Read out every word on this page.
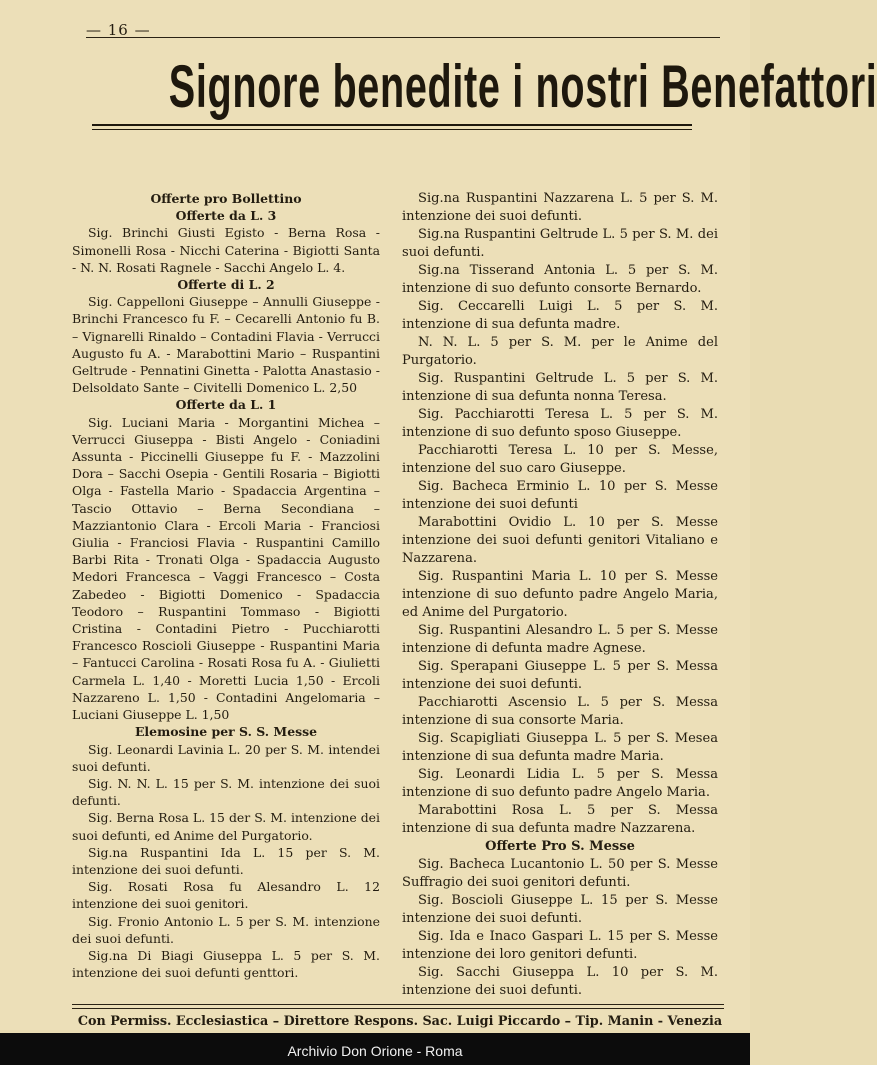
— 16 —
Signore benedite i nostri Benefattori

Offerte pro Bollettino

Offerte da L. 3

Sig. Brinchi Giusti Egisto - Berna Rosa - Simonelli Rosa - Nicchi Caterina - Bigiotti Santa - N. N. Rosati Ragnele - Sacchi Angelo L. 4.

Offerte di L. 2

Sig. Cappelloni Giuseppe – Annulli Giuseppe - Brinchi Francesco fu F. – Cecarelli Antonio fu B. – Vignarelli Rinaldo – Contadini Flavia - Verrucci Augusto fu A. - Marabottini Mario – Ruspantini Geltrude - Pennatini Ginetta - Palotta Anastasio - Delsoldato Sante – Civitelli Domenico L. 2,50

Offerte da L. 1

Sig. Luciani Maria - Morgantini Michea – Verrucci Giuseppa - Bisti Angelo - Coniadini Assunta - Piccinelli Giuseppe fu F. - Mazzolini Dora – Sacchi Osepia - Gentili Rosaria – Bigiotti Olga - Fastella Mario - Spadaccia Argentina – Tascio Ottavio – Berna Secondiana – Mazziantonio Clara - Ercoli Maria - Franciosi Giulia - Franciosi Flavia - Ruspantini Camillo Barbi Rita - Tronati Olga - Spadaccia Augusto Medori Francesca – Vaggi Francesco – Costa Zabedeo - Bigiotti Domenico - Spadaccia Teodoro – Ruspantini Tommaso - Bigiotti Cristina - Contadini Pietro - Pucchiarotti Francesco Roscioli Giuseppe - Ruspantini Maria – Fantucci Carolina - Rosati Rosa fu A. - Giulietti Carmela L. 1,40 - Moretti Lucia 1,50 - Ercoli Nazzareno L. 1,50 - Contadini Angelomaria – Luciani Giuseppe L. 1,50

Elemosine per S. S. Messe

Sig. Leonardi Lavinia L. 20 per S. M. intendei suoi defunti.

Sig. N. N. L. 15 per S. M. intenzione dei suoi defunti.

Sig. Berna Rosa L. 15 der S. M. intenzione dei suoi defunti, ed Anime del Purgatorio.

Sig.na Ruspantini Ida L. 15 per S. M. intenzione dei suoi defunti.

Sig. Rosati Rosa fu Alesandro L. 12 intenzione dei suoi genitori.

Sig. Fronio Antonio L. 5 per S. M. intenzione dei suoi defunti.

Sig.na Di Biagi Giuseppa L. 5 per S. M. intenzione dei suoi defunti genttori.

Sig.na Ruspantini Nazzarena L. 5 per S. M. intenzione dei suoi defunti.

Sig.na Ruspantini Geltrude L. 5 per S. M. dei suoi defunti.

Sig.na Tisserand Antonia L. 5 per S. M. intenzione di suo defunto consorte Bernardo.

Sig. Ceccarelli Luigi L. 5 per S. M. intenzione di sua defunta madre.

N. N. L. 5 per S. M. per le Anime del Purgatorio.

Sig. Ruspantini Geltrude L. 5 per S. M. intenzione di sua defunta nonna Teresa.

Sig. Pacchiarotti Teresa L. 5 per S. M. intenzione di suo defunto sposo Giuseppe.

Pacchiarotti Teresa L. 10 per S. Messe, intenzione del suo caro Giuseppe.

Sig. Bacheca Erminio L. 10 per S. Messe intenzione dei suoi defunti

Marabottini Ovidio L. 10 per S. Messe intenzione dei suoi defunti genitori Vitaliano e Nazzarena.

Sig. Ruspantini Maria L. 10 per S. Messe intenzione di suo defunto padre Angelo Maria, ed Anime del Purgatorio.

Sig. Ruspantini Alesandro L. 5 per S. Messe intenzione di defunta madre Agnese.

Sig. Sperapani Giuseppe L. 5 per S. Messa intenzione dei suoi defunti.

Pacchiarotti Ascensio L. 5 per S. Messa intenzione di sua consorte Maria.

Sig. Scapigliati Giuseppa L. 5 per S. Mesea intenzione di sua defunta madre Maria.

Sig. Leonardi Lidia L. 5 per S. Messa intenzione di suo defunto padre Angelo Maria.

Marabottini Rosa L. 5 per S. Messa intenzione di sua defunta madre Nazzarena.

Offerte Pro S. Messe

Sig. Bacheca Lucantonio L. 50 per S. Messe Suffragio dei suoi genitori defunti.

Sig. Boscioli Giuseppe L. 15 per S. Messe intenzione dei suoi defunti.

Sig. Ida e Inaco Gaspari L. 15 per S. Messe intenzione dei loro genitori defunti.

Sig. Sacchi Giuseppa L. 10 per S. M. intenzione dei suoi defunti.

Con Permiss. Ecclesiastica – Direttore Respons. Sac. Luigi Piccardo – Tip. Manin - Venezia
Archivio Don Orione - Roma
